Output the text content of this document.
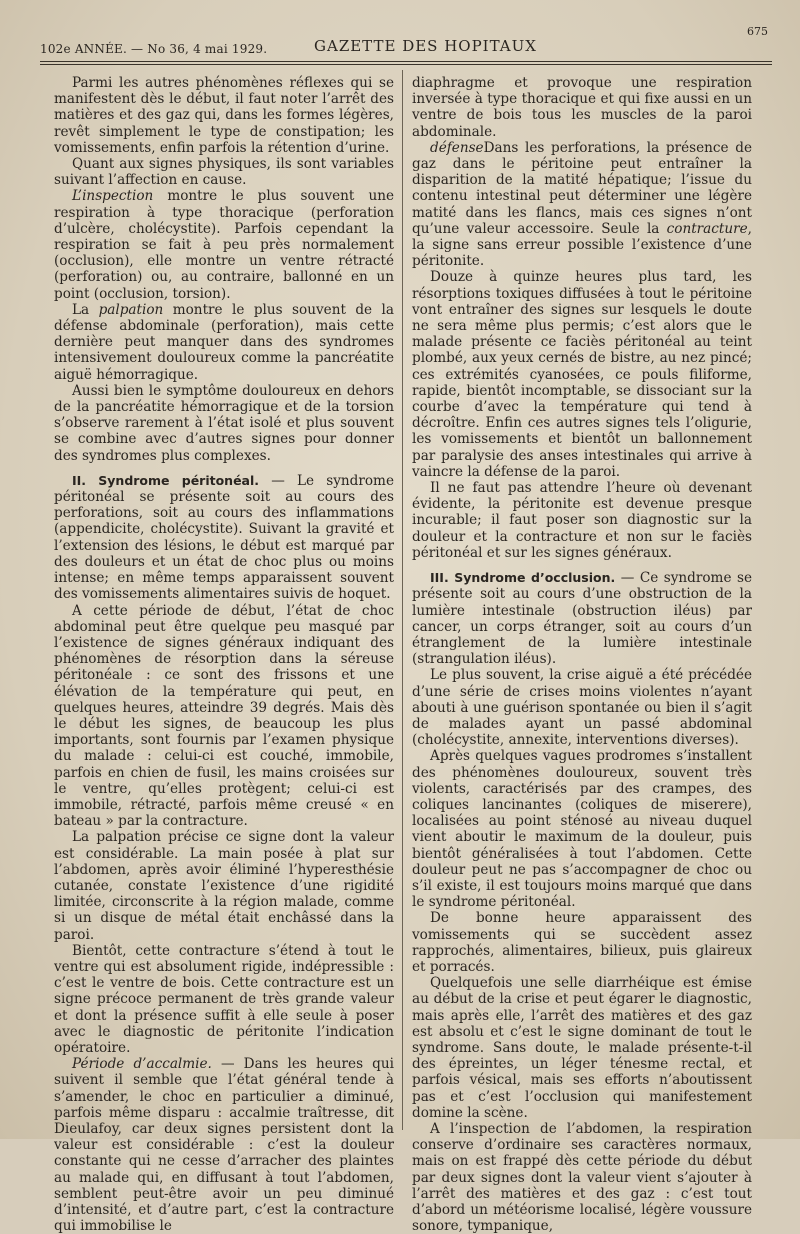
102e ANNÉE. — No 36, 4 mai 1929.	GAZETTE DES HOPITAUX
675

Parmi les autres phénomènes réflexes qui se manifestent dès le début, il faut noter l’arrêt des matières et des gaz qui, dans les formes légères, revêt simplement le type de constipation; les vomissements, enfin parfois la rétention d’urine.

Quant aux signes physiques, ils sont variables suivant l’affection en cause.

L’inspection montre le plus souvent une respiration à type thoracique (perforation d’ulcère, cholécystite). Parfois cependant la respiration se fait à peu près normalement (occlusion), elle montre un ventre rétracté (perforation) ou, au contraire, ballonné en un point (occlusion, torsion).

La palpation montre le plus souvent de la défense abdominale (perforation), mais cette dernière peut manquer dans des syndromes intensivement douloureux comme la pancréatite aiguë hémorragique.

Aussi bien le symptôme douloureux en dehors de la pancréatite hémorragique et de la torsion s’observe rarement à l’état isolé et plus souvent se combine avec d’autres signes pour donner des syndromes plus complexes.

II. Syndrome péritonéal. — Le syndrome péritonéal se présente soit au cours des perforations, soit au cours des inflammations (appendicite, cholécystite). Suivant la gravité et l’extension des lésions, le début est marqué par des douleurs et un état de choc plus ou moins intense; en même temps apparaissent souvent des vomissements alimentaires suivis de hoquet.

A cette période de début, l’état de choc abdominal peut être quelque peu masqué par l’existence de signes généraux indiquant des phénomènes de résorption dans la séreuse péritonéale : ce sont des frissons et une élévation de la température qui peut, en quelques heures, atteindre 39 degrés. Mais dès le début les signes, de beaucoup les plus importants, sont fournis par l’examen physique du malade : celui-ci est couché, immobile, parfois en chien de fusil, les mains croisées sur le ventre, qu’elles protègent; celui-ci est immobile, rétracté, parfois même creusé « en bateau » par la contracture.

La palpation précise ce signe dont la valeur est considérable. La main posée à plat sur l’abdomen, après avoir éliminé l’hyperesthésie cutanée, constate l’existence d’une rigidité limitée, circonscrite à la région malade, comme si un disque de métal était enchâssé dans la paroi.

Bientôt, cette contracture s’étend à tout le ventre qui est absolument rigide, indépressible : c’est le ventre de bois. Cette contracture est un signe précoce permanent de très grande valeur et dont la présence suffit à elle seule à poser avec le diagnostic de péritonite l’indication opératoire.

Période d’accalmie. — Dans les heures qui suivent il semble que l’état général tende à s’amender, le choc en particulier a diminué, parfois même disparu : accalmie traîtresse, dit Dieulafoy, car deux signes persistent dont la valeur est considérable : c’est la douleur constante qui ne cesse d’arracher des plaintes au malade qui, en diffusant à tout l’abdomen, semblent peut-être avoir un peu diminué d’intensité, et d’autre part, c’est la contracture qui immobilise le

diaphragme et provoque une respiration inversée à type thoracique et qui fixe aussi en un ventre de bois tous les muscles de la paroi abdominale.

défenseDans les perforations, la présence de gaz dans le péritoine peut entraîner la disparition de la matité hépatique; l’issue du contenu intestinal peut déterminer une légère matité dans les flancs, mais ces signes n’ont qu’une valeur accessoire. Seule la contracture, la signe sans erreur possible l’existence d’une péritonite.

Douze à quinze heures plus tard, les résorptions toxiques diffusées à tout le péritoine vont entraîner des signes sur lesquels le doute ne sera même plus permis; c’est alors que le malade présente ce faciès péritonéal au teint plombé, aux yeux cernés de bistre, au nez pincé; ces extrémités cyanosées, ce pouls filiforme, rapide, bientôt incomptable, se dissociant sur la courbe d’avec la température qui tend à décroître. Enfin ces autres signes tels l’oligurie, les vomissements et bientôt un ballonnement par paralysie des anses intestinales qui arrive à vaincre la défense de la paroi.

Il ne faut pas attendre l’heure où devenant évidente, la péritonite est devenue presque incurable; il faut poser son diagnostic sur la douleur et la contracture et non sur le faciès péritonéal et sur les signes généraux.

III. Syndrome d’occlusion. — Ce syndrome se présente soit au cours d’une obstruction de la lumière intestinale (obstruction iléus) par cancer, un corps étranger, soit au cours d’un étranglement de la lumière intestinale (strangulation iléus).

Le plus souvent, la crise aiguë a été précédée d’une série de crises moins violentes n’ayant abouti à une guérison spontanée ou bien il s’agit de malades ayant un passé abdominal (cholécystite, annexite, interventions diverses).

Après quelques vagues prodromes s’installent des phénomènes douloureux, souvent très violents, caractérisés par des crampes, des coliques lancinantes (coliques de miserere), localisées au point sténosé au niveau duquel vient aboutir le maximum de la douleur, puis bientôt généralisées à tout l’abdomen. Cette douleur peut ne pas s’accompagner de choc ou s’il existe, il est toujours moins marqué que dans le syndrome péritonéal.

De bonne heure apparaissent des vomissements qui se succèdent assez rapprochés, alimentaires, bilieux, puis glaireux et porracés.

Quelquefois une selle diarrhéique est émise au début de la crise et peut égarer le diagnostic, mais après elle, l’arrêt des matières et des gaz est absolu et c’est le signe dominant de tout le syndrome. Sans doute, le malade présente-t-il des épreintes, un léger ténesme rectal, et parfois vésical, mais ses efforts n’aboutissent pas et c’est l’occlusion qui manifestement domine la scène.

A l’inspection de l’abdomen, la respiration conserve d’ordinaire ses caractères normaux, mais on est frappé dès cette période du début par deux signes dont la valeur vient s’ajouter à l’arrêt des matières et des gaz : c’est tout d’abord un météorisme localisé, légère voussure sonore, tympanique,
